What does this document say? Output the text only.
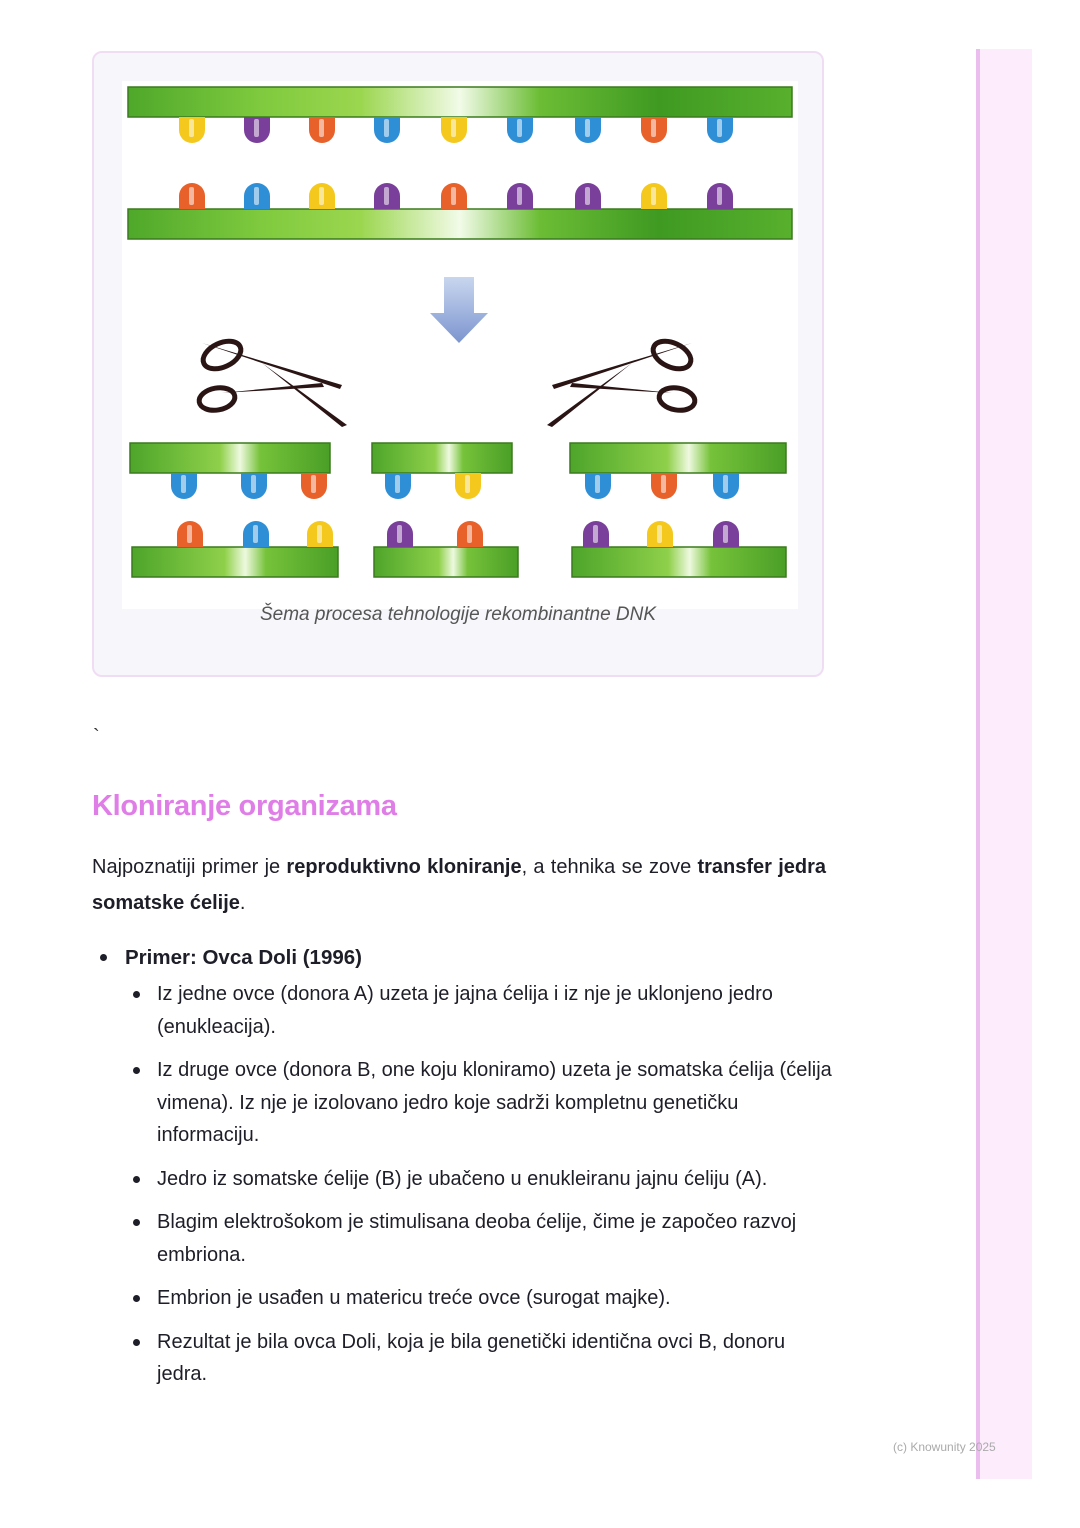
Šema procesa tehnologije rekombinantne DNK
`
Kloniranje organizama

Najpoznatiji primer je reproduktivno kloniranje, a tehnika se zove transfer jedra somatske ćelije.

Primer: Ovca Doli (1996)
Iz jedne ovce (donora A) uzeta je jajna ćelija i iz nje je uklonjeno jedro (enukleacija).
Iz druge ovce (donora B, one koju kloniramo) uzeta je somatska ćelija (ćelija vimena). Iz nje je izolovano jedro koje sadrži kompletnu genetičku informaciju.
Jedro iz somatske ćelije (B) je ubačeno u enukleiranu jajnu ćeliju (A).
Blagim elektrošokom je stimulisana deoba ćelije, čime je započeo razvoj embriona.
Embrion je usađen u matericu treće ovce (surogat majke).
Rezultat je bila ovca Doli, koja je bila genetički identična ovci B, donoru jedra.
(c) Knowunity 2025
